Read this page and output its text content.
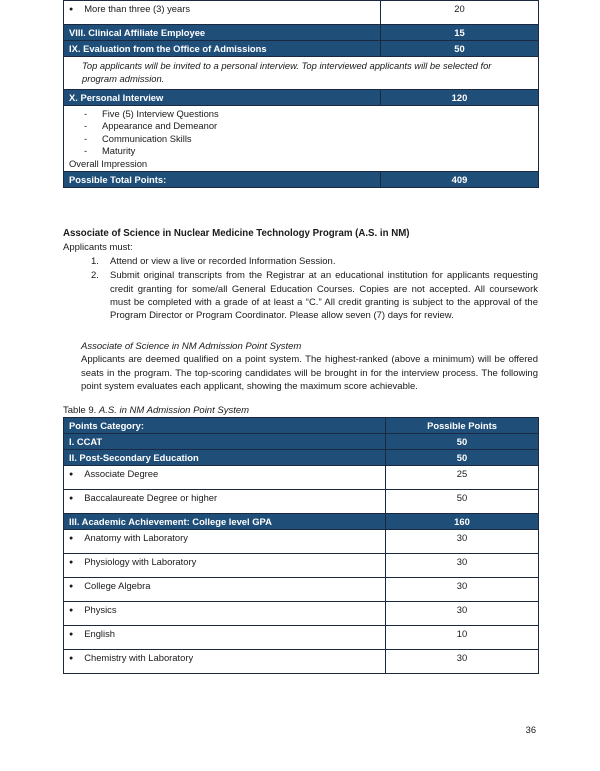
● More than three (3) years	20
VIII. Clinical Affiliate Employee	15
IX. Evaluation from the Office of Admissions	50
Top applicants will be invited to a personal interview. Top interviewed applicants will be selected for program admission.	
X. Personal Interview	120

- Five (5) Interview Questions
- Appearance and Demeanor
- Communication Skills
- Maturity
Overall Impression	

Possible Total Points:	409
Associate of Science in Nuclear Medicine Technology Program (A.S. in NM)
Applicants must:
1.	Attend or view a live or recorded Information Session.
2.	Submit original transcripts from the Registrar at an educational institution for applicants requesting credit granting for some/all General Education Courses. Copies are not accepted. All coursework must be completed with a grade of at least a “C.” All credit granting is subject to the approval of the Program Director or Program Coordinator. Please allow seven (7) days for review.
Associate of Science in NM Admission Point System
Applicants are deemed qualified on a point system. The highest-ranked (above a minimum) will be offered seats in the program. The top-scoring candidates will be brought in for the interview process. The following point system evaluates each applicant, showing the maximum score achievable.
Table 9. A.S. in NM Admission Point System
Points Category:	Possible Points
I. CCAT	50
II. Post-Secondary Education	50
● Associate Degree	25
● Baccalaureate Degree or higher	50
III. Academic Achievement: College level GPA	160
● Anatomy with Laboratory	30
● Physiology with Laboratory	30
● College Algebra	30
● Physics	30
● English	10
● Chemistry with Laboratory	30
36
